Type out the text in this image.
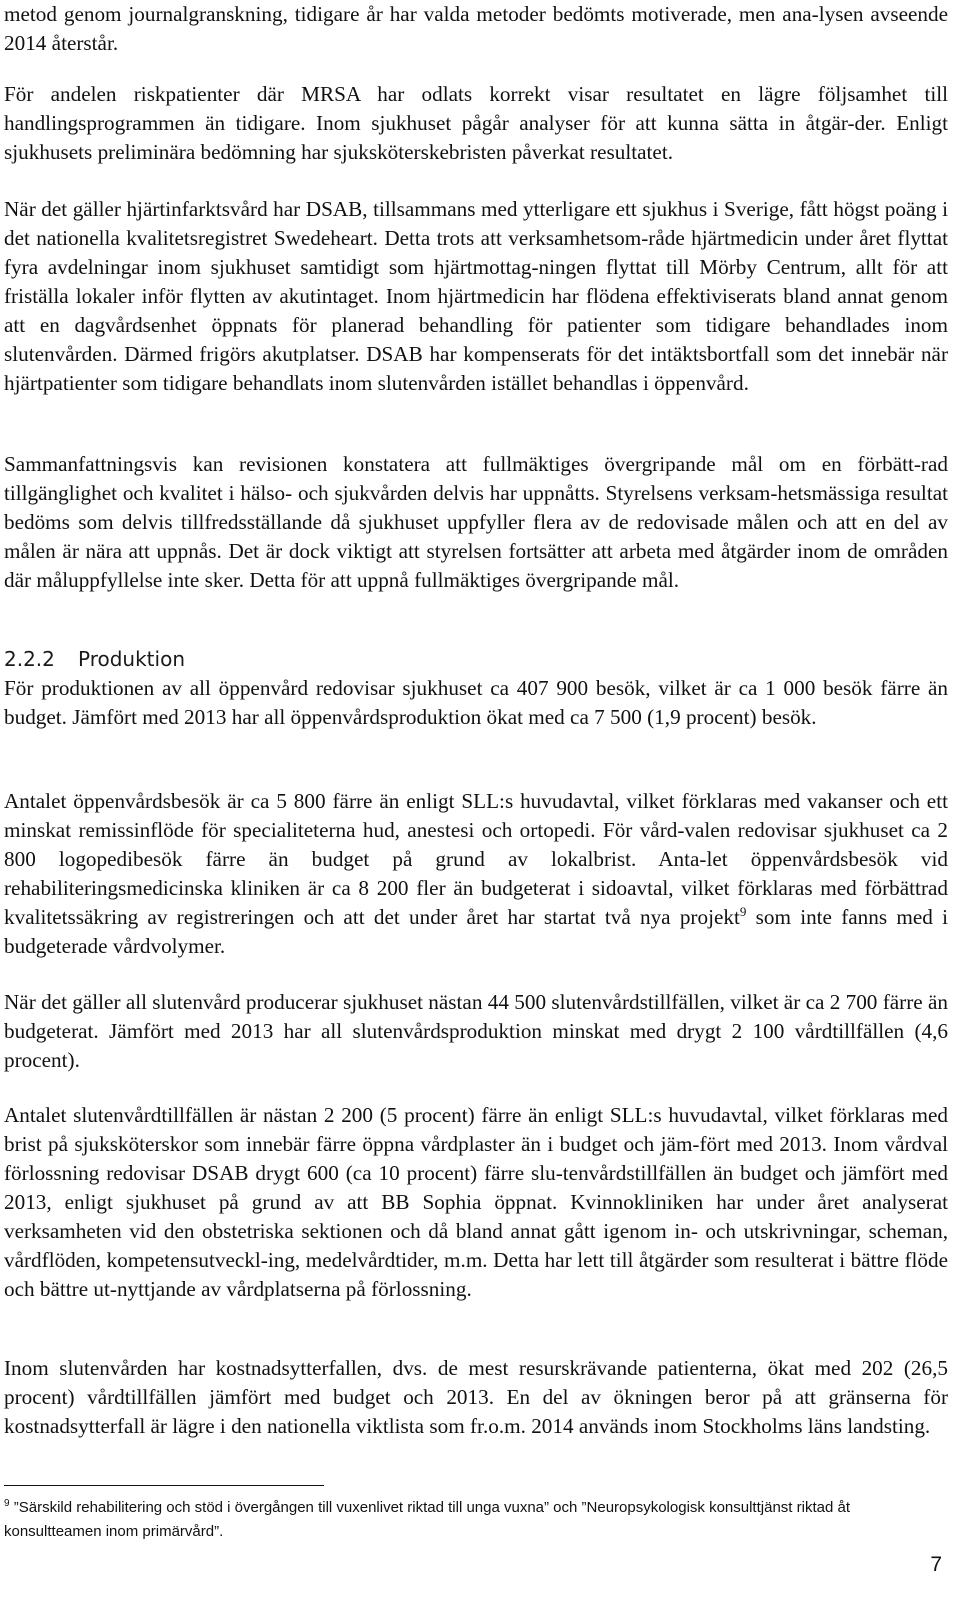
metod genom journalgranskning, tidigare år har valda metoder bedömts motiverade, men ana-lysen avseende 2014 återstår.

För andelen riskpatienter där MRSA har odlats korrekt visar resultatet en lägre följsamhet till handlingsprogrammen än tidigare. Inom sjukhuset pågår analyser för att kunna sätta in åtgär-der. Enligt sjukhusets preliminära bedömning har sjuksköterskebristen påverkat resultatet.

När det gäller hjärtinfarktsvård har DSAB, tillsammans med ytterligare ett sjukhus i Sverige, fått högst poäng i det nationella kvalitetsregistret Swedeheart. Detta trots att verksamhetsom-råde hjärtmedicin under året flyttat fyra avdelningar inom sjukhuset samtidigt som hjärtmottag-ningen flyttat till Mörby Centrum, allt för att friställa lokaler inför flytten av akutintaget. Inom hjärtmedicin har flödena effektiviserats bland annat genom att en dagvårdsenhet öppnats för planerad behandling för patienter som tidigare behandlades inom slutenvården. Därmed frigörs akutplatser. DSAB har kompenserats för det intäktsbortfall som det innebär när hjärtpatienter som tidigare behandlats inom slutenvården istället behandlas i öppenvård.

Sammanfattningsvis kan revisionen konstatera att fullmäktiges övergripande mål om en förbätt-rad tillgänglighet och kvalitet i hälso- och sjukvården delvis har uppnåtts. Styrelsens verksam-hetsmässiga resultat bedöms som delvis tillfredsställande då sjukhuset uppfyller flera av de redovisade målen och att en del av målen är nära att uppnås. Det är dock viktigt att styrelsen fortsätter att arbeta med åtgärder inom de områden där måluppfyllelse inte sker. Detta för att uppnå fullmäktiges övergripande mål.

2.2.2 Produktion

För produktionen av all öppenvård redovisar sjukhuset ca 407 900 besök, vilket är ca 1 000 besök färre än budget. Jämfört med 2013 har all öppenvårdsproduktion ökat med ca 7 500 (1,9 procent) besök.

Antalet öppenvårdsbesök är ca 5 800 färre än enligt SLL:s huvudavtal, vilket förklaras med vakanser och ett minskat remissinflöde för specialiteterna hud, anestesi och ortopedi. För vård-valen redovisar sjukhuset ca 2 800 logopedibesök färre än budget på grund av lokalbrist. Anta-let öppenvårdsbesök vid rehabiliteringsmedicinska kliniken är ca 8 200 fler än budgeterat i sidoavtal, vilket förklaras med förbättrad kvalitetssäkring av registreringen och att det under året har startat två nya projekt$^9$ som inte fanns med i budgeterade vårdvolymer.

När det gäller all slutenvård producerar sjukhuset nästan 44 500 slutenvårdstillfällen, vilket är ca 2 700 färre än budgeterat. Jämfört med 2013 har all slutenvårdsproduktion minskat med drygt 2 100 vårdtillfällen (4,6 procent).

Antalet slutenvårdtillfällen är nästan 2 200 (5 procent) färre än enligt SLL:s huvudavtal, vilket förklaras med brist på sjuksköterskor som innebär färre öppna vårdplaster än i budget och jäm-fört med 2013. Inom vårdval förlossning redovisar DSAB drygt 600 (ca 10 procent) färre slu-tenvårdstillfällen än budget och jämfört med 2013, enligt sjukhuset på grund av att BB Sophia öppnat. Kvinnokliniken har under året analyserat verksamheten vid den obstetriska sektionen och då bland annat gått igenom in- och utskrivningar, scheman, vårdflöden, kompetensutveckl-ing, medelvårdtider, m.m. Detta har lett till åtgärder som resulterat i bättre flöde och bättre ut-nyttjande av vårdplatserna på förlossning.

Inom slutenvården har kostnadsytterfallen, dvs. de mest resurskrävande patienterna, ökat med 202 (26,5 procent) vårdtillfällen jämfört med budget och 2013. En del av ökningen beror på att gränserna för kostnadsytterfall är lägre i den nationella viktlista som fr.o.m. 2014 används inom Stockholms läns landsting.

$^9$ ”Särskild rehabilitering och stöd i övergången till vuxenlivet riktad till unga vuxna” och ”Neuropsykologisk konsulttjänst riktad åt konsultteamen inom primärvård”.

7
